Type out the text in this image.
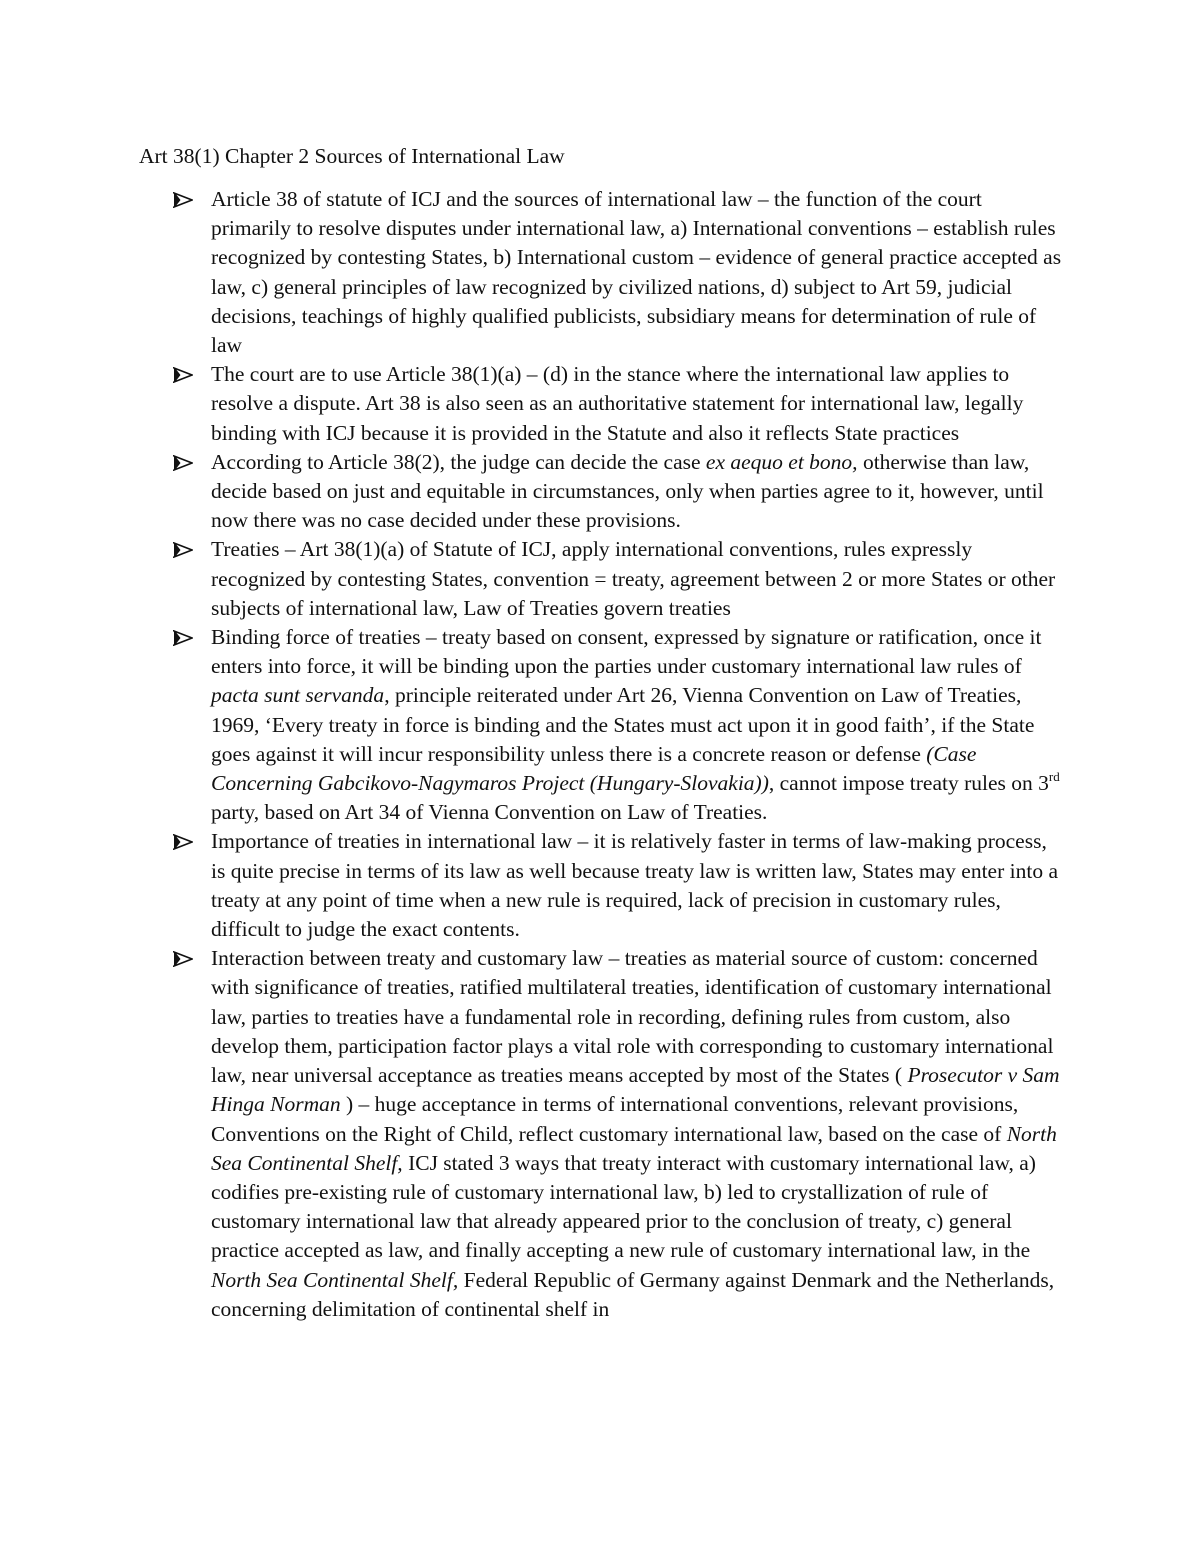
Art 38(1) Chapter 2 Sources of International Law
Article 38 of statute of ICJ and the sources of international law – the function of the court primarily to resolve disputes under international law, a) International conventions – establish rules recognized by contesting States, b) International custom – evidence of general practice accepted as law, c) general principles of law recognized by civilized nations, d) subject to Art 59, judicial decisions, teachings of highly qualified publicists, subsidiary means for determination of rule of law
The court are to use Article 38(1)(a) – (d) in the stance where the international law applies to resolve a dispute. Art 38 is also seen as an authoritative statement for international law, legally binding with ICJ because it is provided in the Statute and also it reflects State practices
According to Article 38(2), the judge can decide the case ex aequo et bono, otherwise than law, decide based on just and equitable in circumstances, only when parties agree to it, however, until now there was no case decided under these provisions.
Treaties – Art 38(1)(a) of Statute of ICJ, apply international conventions, rules expressly recognized by contesting States, convention = treaty, agreement between 2 or more States or other subjects of international law, Law of Treaties govern treaties
Binding force of treaties – treaty based on consent, expressed by signature or ratification, once it enters into force, it will be binding upon the parties under customary international law rules of pacta sunt servanda, principle reiterated under Art 26, Vienna Convention on Law of Treaties, 1969, ‘Every treaty in force is binding and the States must act upon it in good faith’, if the State goes against it will incur responsibility unless there is a concrete reason or defense (Case Concerning Gabcikovo-Nagymaros Project (Hungary-Slovakia)), cannot impose treaty rules on 3rd party, based on Art 34 of Vienna Convention on Law of Treaties.
Importance of treaties in international law – it is relatively faster in terms of law-making process, is quite precise in terms of its law as well because treaty law is written law, States may enter into a treaty at any point of time when a new rule is required, lack of precision in customary rules, difficult to judge the exact contents.
Interaction between treaty and customary law – treaties as material source of custom: concerned with significance of treaties, ratified multilateral treaties, identification of customary international law, parties to treaties have a fundamental role in recording, defining rules from custom, also develop them, participation factor plays a vital role with corresponding to customary international law, near universal acceptance as treaties means accepted by most of the States ( Prosecutor v Sam Hinga Norman ) – huge acceptance in terms of international conventions, relevant provisions, Conventions on the Right of Child, reflect customary international law, based on the case of North Sea Continental Shelf, ICJ stated 3 ways that treaty interact with customary international law, a) codifies pre-existing rule of customary international law, b) led to crystallization of rule of customary international law that already appeared prior to the conclusion of treaty, c) general practice accepted as law, and finally accepting a new rule of customary international law, in the North Sea Continental Shelf, Federal Republic of Germany against Denmark and the Netherlands, concerning delimitation of continental shelf in
